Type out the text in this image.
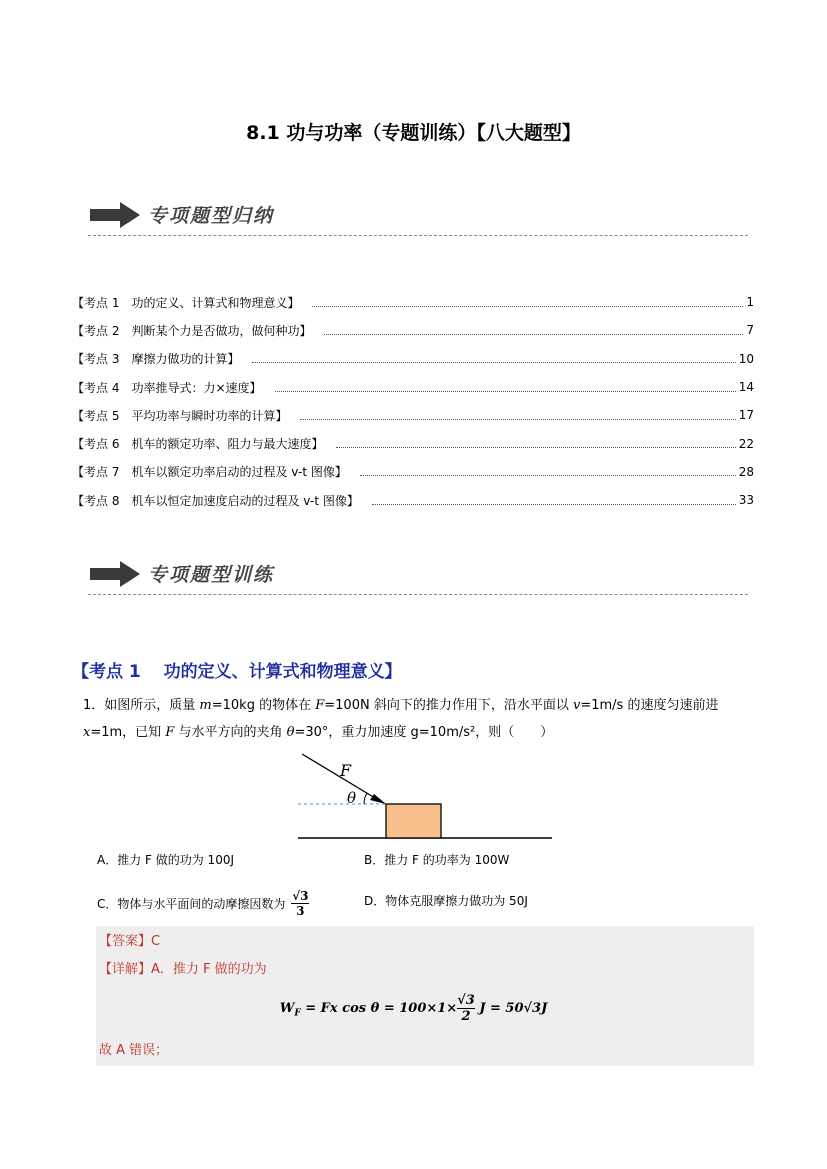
8.1 功与功率（专题训练）【八大题型】
专项题型归纳
【考点 1　功的定义、计算式和物理意义】	1
【考点 2　判断某个力是否做功，做何种功】	7
【考点 3　摩擦力做功的计算】	10
【考点 4　功率推导式：力×速度】	14
【考点 5　平均功率与瞬时功率的计算】	17
【考点 6　机车的额定功率、阻力与最大速度】	22
【考点 7　机车以额定功率启动的过程及 v-t 图像】	28
【考点 8　机车以恒定加速度启动的过程及 v-t 图像】	33
专项题型训练
【考点 1　 功的定义、计算式和物理意义】
1．如图所示，质量 m=10kg 的物体在 F=100N 斜向下的推力作用下，沿水平面以 v=1m/s 的速度匀速前进
x=1m，已知 F 与水平方向的夹角 θ=30°，重力加速度 g=10m/s²，则（　　）
F
θ
A．推力 F 做的功为 100J	B．推力 F 的功率为 100W
C．物体与水平面间的动摩擦因数为 $\frac{√3}{3}$	D．物体克服摩擦力做功为 50J
【答案】C
【详解】A．推力 F 做的功为
$W_F = Fx$ $\cos \theta = 100\times 1\times \frac{√3}{2}$ J = 50√3J
故 A 错误；
